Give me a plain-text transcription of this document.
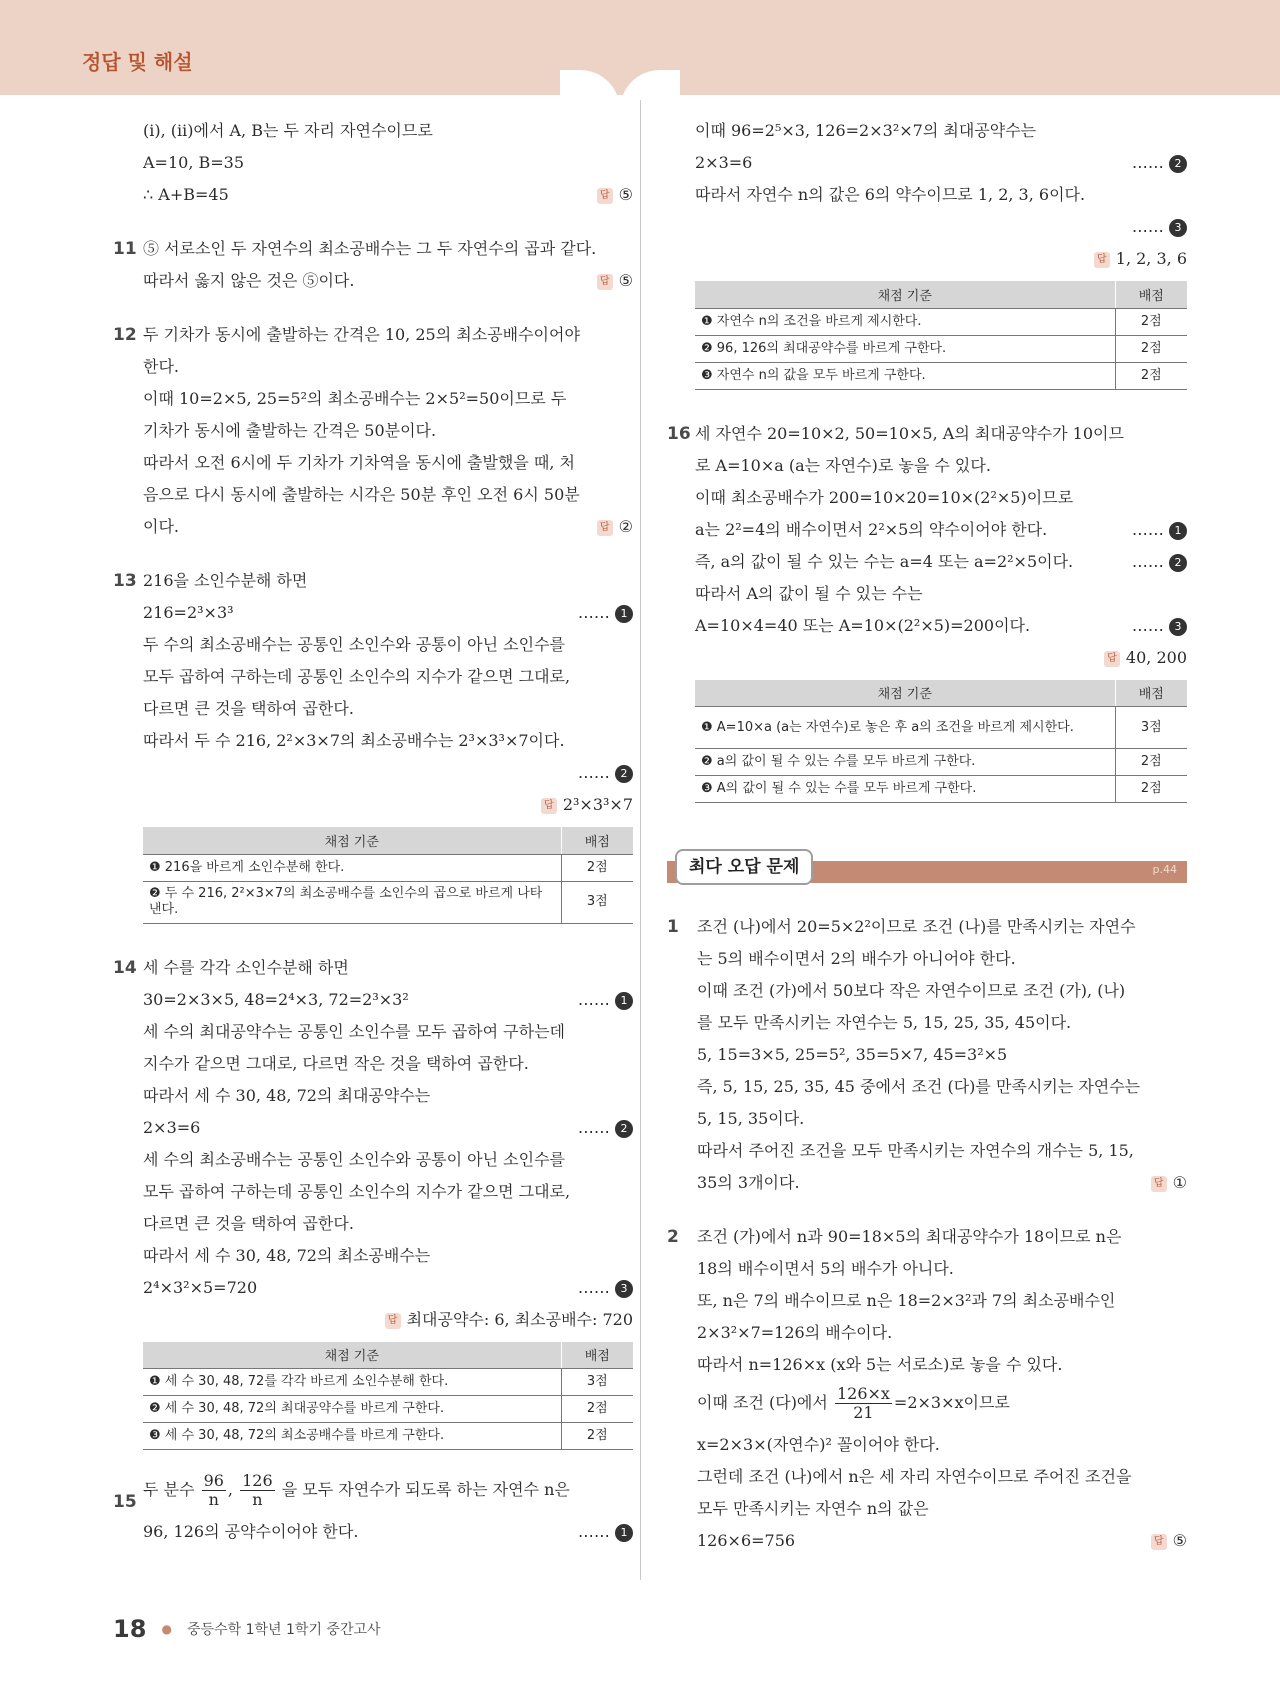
정답 및 해설
(ⅰ), (ⅱ)에서 A, B는 두 자리 자연수이므로
A=10, B=35
∴ A+B=45	답 ⑤
11 ⑤ 서로소인 두 자연수의 최소공배수는 그 두 자연수의 곱과 같다.
따라서 옳지 않은 것은 ⑤이다.	답 ⑤
12 두 기차가 동시에 출발하는 간격은 10, 25의 최소공배수이어야
한다.
이때 10=2×5, 25=5²의 최소공배수는 2×5²=50이므로 두
기차가 동시에 출발하는 간격은 50분이다.
따라서 오전 6시에 두 기차가 기차역을 동시에 출발했을 때, 처
음으로 다시 동시에 출발하는 시각은 50분 후인 오전 6시 50분
이다.	답 ②
13 216을 소인수분해 하면
216=2³×3³	…… 1
두 수의 최소공배수는 공통인 소인수와 공통이 아닌 소인수를
모두 곱하여 구하는데 공통인 소인수의 지수가 같으면 그대로,
다르면 큰 것을 택하여 곱한다.
따라서 두 수 216, 2²×3×7의 최소공배수는 2³×3³×7이다.
…… 2

답 2³×3³×7
채점 기준	배점
❶ 216을 바르게 소인수분해 한다.	2점
❷ 두 수 216, 2²×3×7의 최소공배수를 소인수의 곱으로 바르게 나타낸다.	3점
14 세 수를 각각 소인수분해 하면
30=2×3×5, 48=2⁴×3, 72=2³×3²	…… 1
세 수의 최대공약수는 공통인 소인수를 모두 곱하여 구하는데
지수가 같으면 그대로, 다르면 작은 것을 택하여 곱한다.
따라서 세 수 30, 48, 72의 최대공약수는
2×3=6	…… 2
세 수의 최소공배수는 공통인 소인수와 공통이 아닌 소인수를
모두 곱하여 구하는데 공통인 소인수의 지수가 같으면 그대로,
다르면 큰 것을 택하여 곱한다.
따라서 세 수 30, 48, 72의 최소공배수는
2⁴×3²×5=720	…… 3

답 최대공약수: 6, 최소공배수: 720
채점 기준	배점
❶ 세 수 30, 48, 72를 각각 바르게 소인수분해 한다.	3점
❷ 세 수 30, 48, 72의 최대공약수를 바르게 구한다.	2점
❸ 세 수 30, 48, 72의 최소공배수를 바르게 구한다.	2점
15
두 분수 $\frac{96}{n}$ , $\frac{126}{n}$ 을 모두 자연수가 되도록 하는 자연수 n은
96, 126의 공약수이어야 한다.	…… 1
이때 96=2⁵×3, 126=2×3²×7의 최대공약수는
2×3=6	…… 2
따라서 자연수 n의 값은 6의 약수이므로 1, 2, 3, 6이다.

…… 3

답 1, 2, 3, 6
채점 기준	배점
❶ 자연수 n의 조건을 바르게 제시한다.	2점
❷ 96, 126의 최대공약수를 바르게 구한다.	2점
❸ 자연수 n의 값을 모두 바르게 구한다.	2점
16 세 자연수 20=10×2, 50=10×5, A의 최대공약수가 10이므
로 A=10×a (a는 자연수)로 놓을 수 있다.
이때 최소공배수가 200=10×20=10×(2²×5)이므로
a는 2²=4의 배수이면서 2²×5의 약수이어야 한다.	…… 1
즉, a의 값이 될 수 있는 수는 a=4 또는 a=2²×5이다.	…… 2
따라서 A의 값이 될 수 있는 수는
A=10×4=40 또는 A=10×(2²×5)=200이다.	…… 3

답 40, 200
채점 기준	배점
❶ A=10×a (a는 자연수)로 놓은 후 a의 조건을 바르게 제시한다.	3점
❷ a의 값이 될 수 있는 수를 모두 바르게 구한다.	2점
❸ A의 값이 될 수 있는 수를 모두 바르게 구한다.	2점
p.44
최다 오답 문제
1 조건 (나)에서 20=5×2²이므로 조건 (나)를 만족시키는 자연수
는 5의 배수이면서 2의 배수가 아니어야 한다.
이때 조건 (가)에서 50보다 작은 자연수이므로 조건 (가), (나)
를 모두 만족시키는 자연수는 5, 15, 25, 35, 45이다.
5, 15=3×5, 25=5², 35=5×7, 45=3²×5
즉, 5, 15, 25, 35, 45 중에서 조건 (다)를 만족시키는 자연수는
5, 15, 35이다.
따라서 주어진 조건을 모두 만족시키는 자연수의 개수는 5, 15,
35의 3개이다.	답 ①
2 조건 (가)에서 n과 90=18×5의 최대공약수가 18이므로 n은
18의 배수이면서 5의 배수가 아니다.
또, n은 7의 배수이므로 n은 18=2×3²과 7의 최소공배수인
2×3²×7=126의 배수이다.
따라서 n=126×x (x와 5는 서로소)로 놓을 수 있다.
이때 조건 (다)에서 $\frac{126\times x}{21} =2\times 3\times x$이므로
x=2×3×(자연수)² 꼴이어야 한다.
그런데 조건 (나)에서 n은 세 자리 자연수이므로 주어진 조건을
모두 만족시키는 자연수 n의 값은
126×6=756	답 ⑤
18 ● 중등수학 1학년 1학기 중간고사
